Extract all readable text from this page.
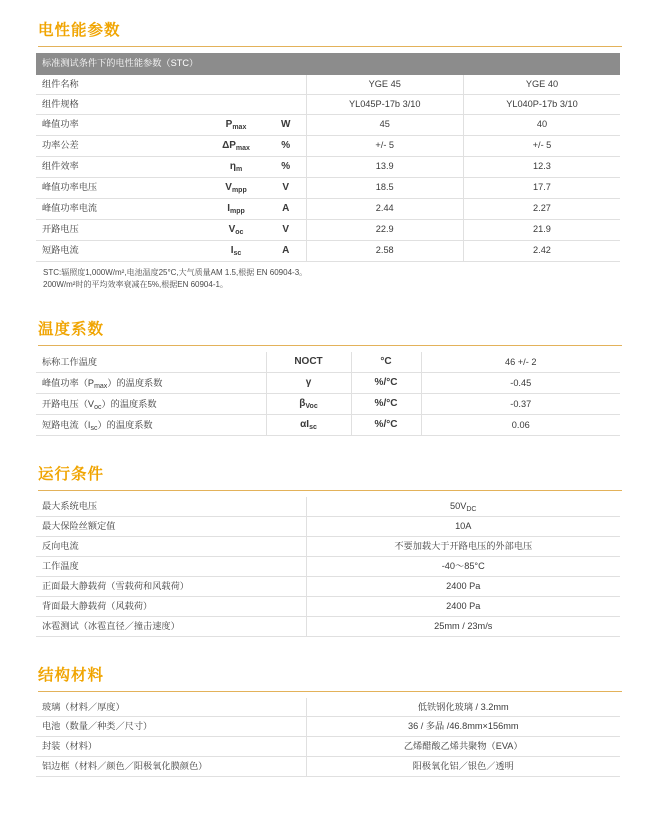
电性能参数
标准测试条件下的电性能参数（STC）				
组件名称			YGE 45	YGE 40
组件规格			YL045P-17b 3/10	YL040P-17b 3/10
峰值功率	$P_{max}$	W	45	40
功率公差	$\Delta P_{max}$	%	+/- 5	+/- 5
组件效率	$\eta_m$	%	13.9	12.3
峰值功率电压	$V_{mpp}$	V	18.5	17.7
峰值功率电流	$I_{mpp}$	A	2.44	2.27
开路电压	$V_{oc}$	V	22.9	21.9
短路电流	$I_{sc}$	A	2.58	2.42
STC:辐照度1,000W/m²,电池温度25°C,大气质量AM 1.5,根据 EN 60904-3。
200W/m²时的平均效率衰减在5%,根据EN 60904-1。
温度系数
标称工作温度	NOCT	°C	46 +/- 2
峰值功率$(P_{max})$的温度系数	γ	%/°C	-0.45
开路电压$(V_{oc})$的温度系数	$\beta_{Voc}$	%/°C	-0.37
短路电流$(I_{sc})$的温度系数	$\alpha I_{sc}$	%/°C	0.06
运行条件
最大系统电压	$50V_{DC}$
最大保险丝额定值	10A
反向电流	不要加载大于开路电压的外部电压
工作温度	-40～85°C
正面最大静载荷（雪载荷和风载荷）	2400 Pa
背面最大静载荷（风载荷）	2400 Pa
冰雹测试（冰雹直径／撞击速度）	25mm / 23m/s
结构材料
玻璃（材料／厚度）	低铁钢化玻璃 / 3.2mm
电池（数量／种类／尺寸）	36 / 多晶 /46.8mm×156mm
封装（材料）	乙烯醋酸乙烯共聚物（EVA）
铝边框（材料／颜色／阳极氧化膜颜色）	阳极氧化铝／银色／透明
